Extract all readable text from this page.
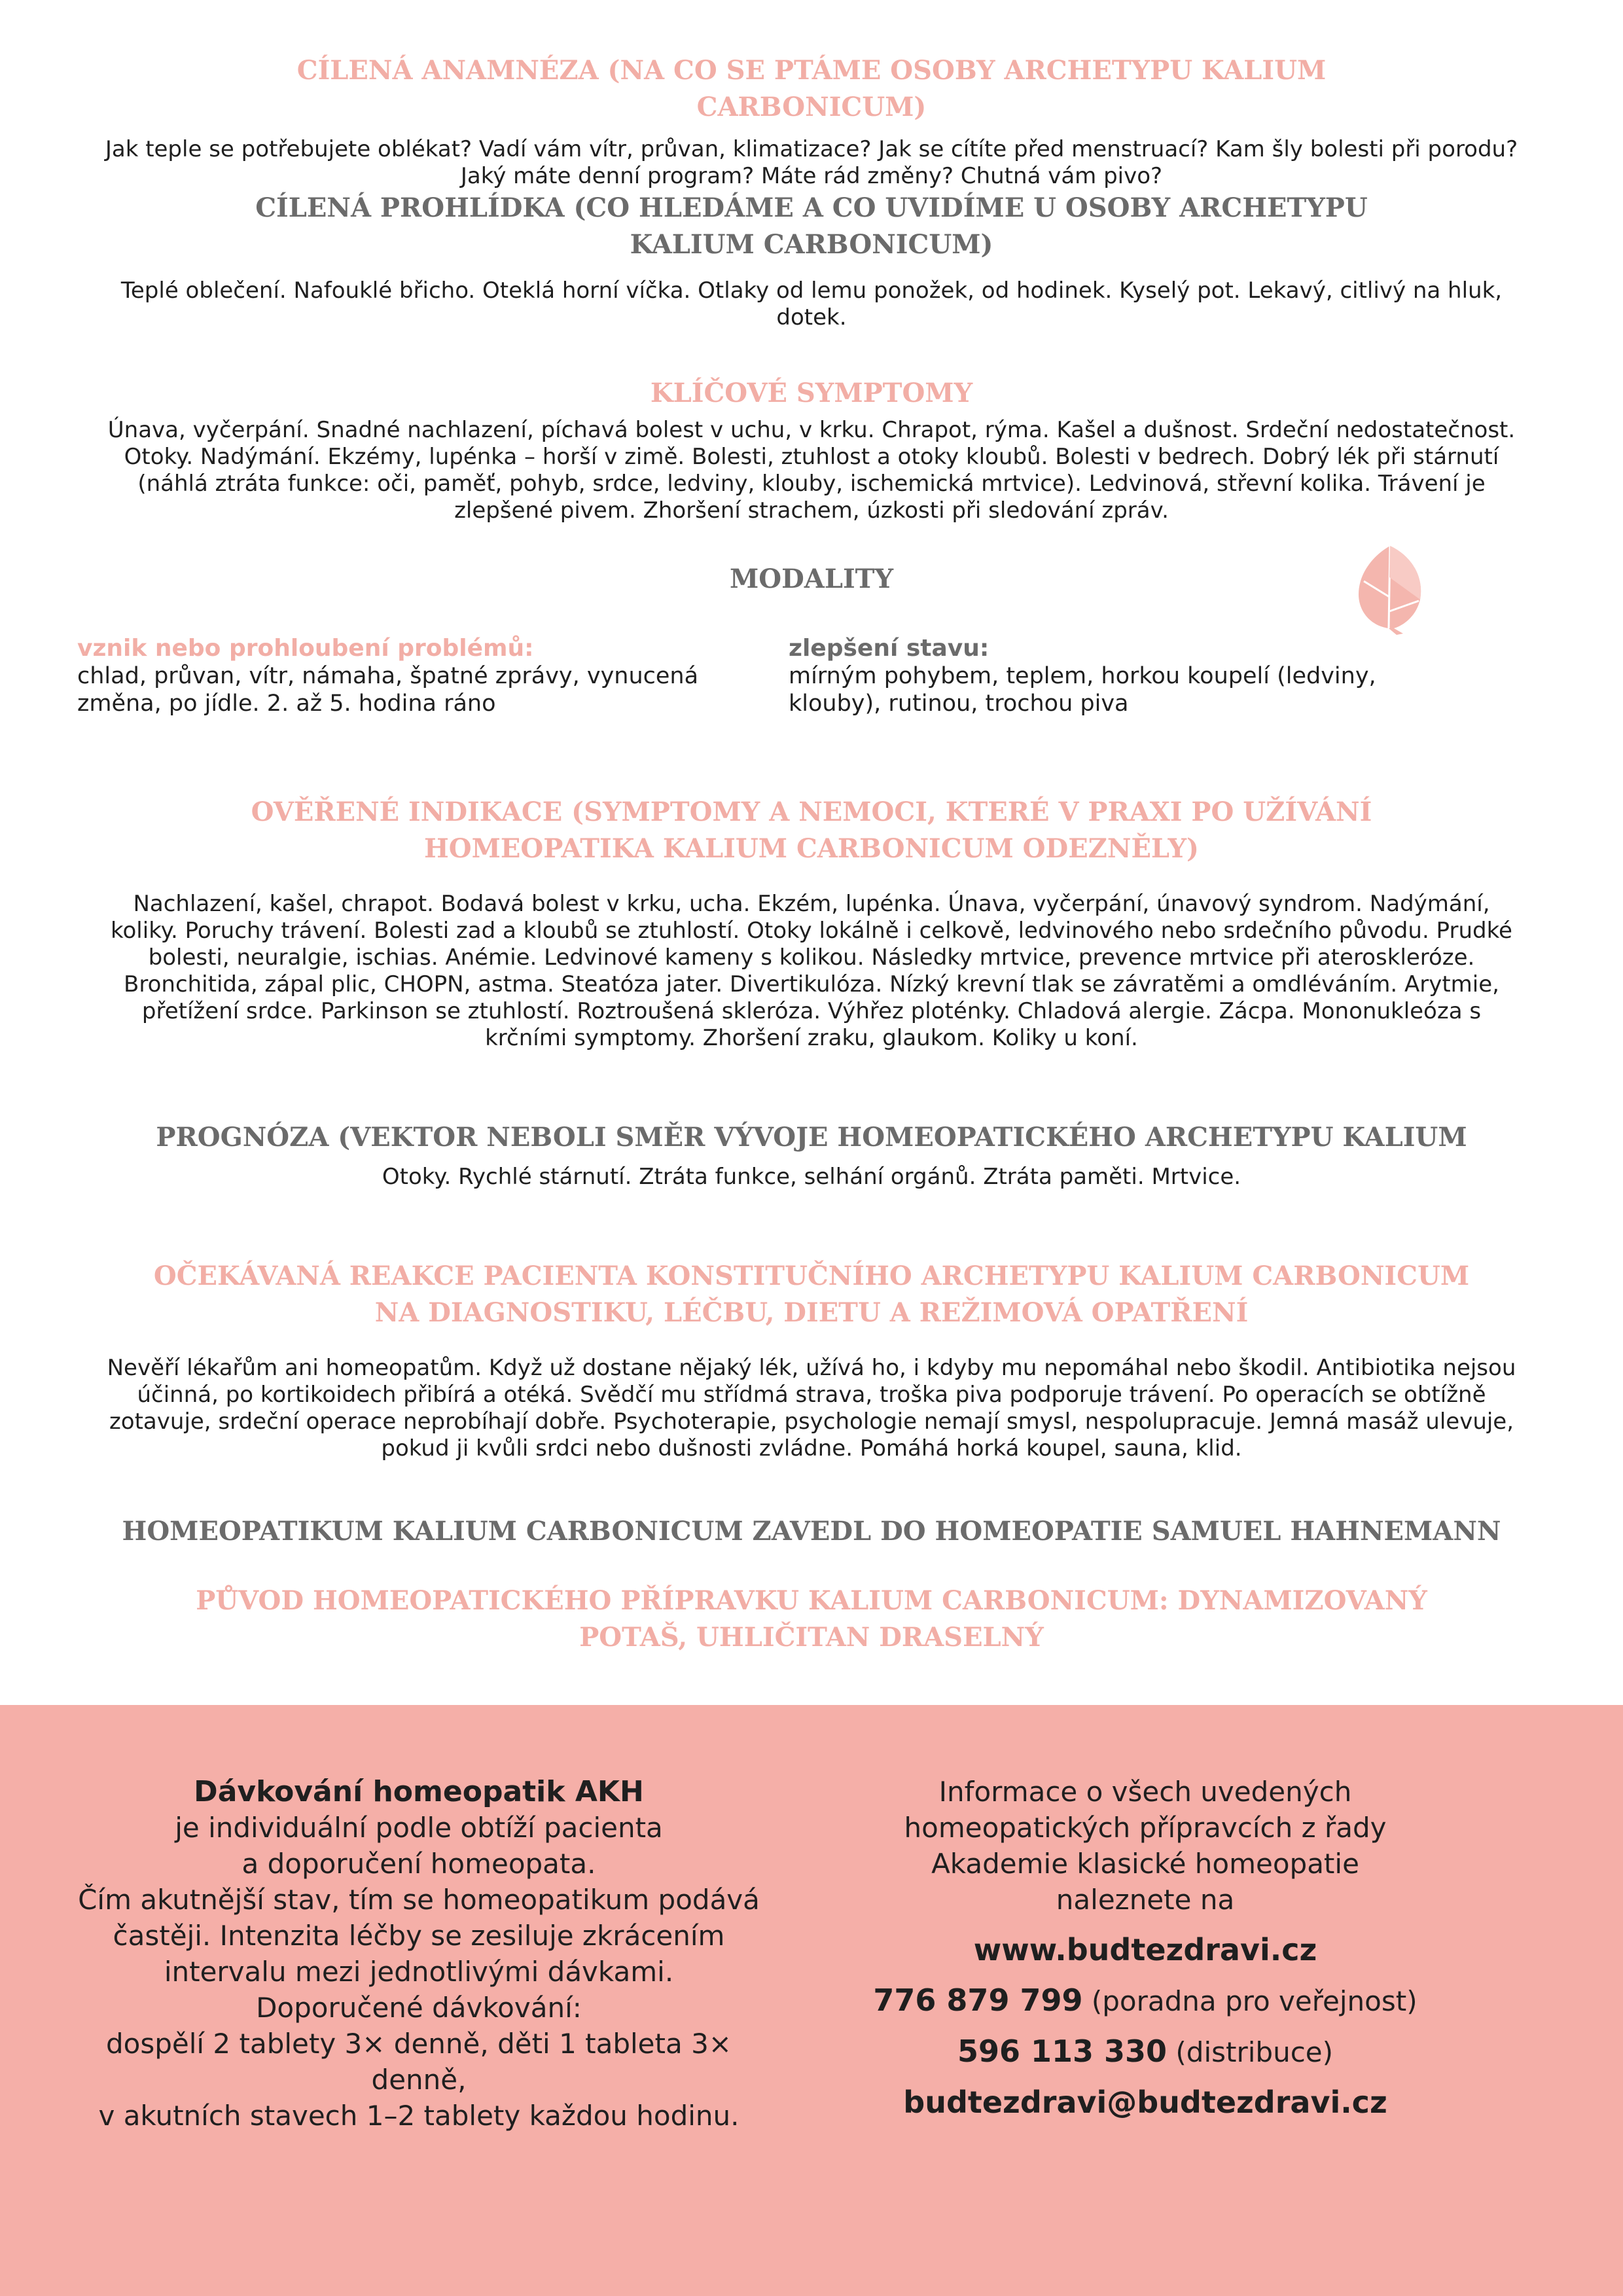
CÍLENÁ ANAMNÉZA (NA CO SE PTÁME OSOBY ARCHETYPU KALIUM CARBONICUM)

Jak teple se potřebujete oblékat? Vadí vám vítr, průvan, klimatizace? Jak se cítíte před menstruací? Kam šly bolesti při porodu? Jaký máte denní program? Máte rád změny? Chutná vám pivo?

CÍLENÁ PROHLÍDKA (CO HLEDÁME A CO UVIDÍME U OSOBY ARCHETYPU KALIUM CARBONICUM)

Teplé oblečení. Nafouklé břicho. Oteklá horní víčka. Otlaky od lemu ponožek, od hodinek. Kyselý pot. Lekavý, citlivý na hluk, dotek.

KLÍČOVÉ SYMPTOMY

Únava, vyčerpání. Snadné nachlazení, píchavá bolest v uchu, v krku. Chrapot, rýma. Kašel a dušnost. Srdeční nedostatečnost. Otoky. Nadýmání. Ekzémy, lupénka – horší v zimě. Bolesti, ztuhlost a otoky kloubů. Bolesti v bedrech. Dobrý lék při stárnutí (náhlá ztráta funkce: oči, paměť, pohyb, srdce, ledviny, klouby, ischemická mrtvice). Ledvinová, střevní kolika. Trávení je zlepšené pivem. Zhoršení strachem, úzkosti při sledování zpráv.

MODALITY
vznik nebo prohloubení problémů:
chlad, průvan, vítr, námaha, špatné zprávy, vynucená změna, po jídle. 2. až 5. hodina ráno
zlepšení stavu:
mírným pohybem, teplem, horkou koupelí (ledviny, klouby), rutinou, trochou piva
OVĚŘENÉ INDIKACE (SYMPTOMY A NEMOCI, KTERÉ V PRAXI PO UŽÍVÁNÍ HOMEOPATIKA KALIUM CARBONICUM ODEZNĚLY)

Nachlazení, kašel, chrapot. Bodavá bolest v krku, ucha. Ekzém, lupénka. Únava, vyčerpání, únavový syndrom. Nadýmání, koliky. Poruchy trávení. Bolesti zad a kloubů se ztuhlostí. Otoky lokálně i celkově, ledvinového nebo srdečního původu. Prudké bolesti, neuralgie, ischias. Anémie. Ledvinové kameny s kolikou. Následky mrtvice, prevence mrtvice při ateroskleróze. Bronchitida, zápal plic, CHOPN, astma. Steatóza jater. Divertikulóza. Nízký krevní tlak se závratěmi a omdléváním. Arytmie, přetížení srdce. Parkinson se ztuhlostí. Roztroušená skleróza. Výhřez ploténky. Chladová alergie. Zácpa. Mononukleóza s krčními symptomy. Zhoršení zraku, glaukom. Koliky u koní.

PROGNÓZA (VEKTOR NEBOLI SMĚR VÝVOJE HOMEOPATICKÉHO ARCHETYPU KALIUM

Otoky. Rychlé stárnutí. Ztráta funkce, selhání orgánů. Ztráta paměti. Mrtvice.

OČEKÁVANÁ REAKCE PACIENTA KONSTITUČNÍHO ARCHETYPU KALIUM CARBONICUM NA DIAGNOSTIKU, LÉČBU, DIETU A REŽIMOVÁ OPATŘENÍ

Nevěří lékařům ani homeopatům. Když už dostane nějaký lék, užívá ho, i kdyby mu nepomáhal nebo škodil. Antibiotika nejsou účinná, po kortikoidech přibírá a otéká. Svědčí mu střídmá strava, troška piva podporuje trávení. Po operacích se obtížně zotavuje, srdeční operace neprobíhají dobře. Psychoterapie, psychologie nemají smysl, nespolupracuje. Jemná masáž ulevuje, pokud ji kvůli srdci nebo dušnosti zvládne. Pomáhá horká koupel, sauna, klid.

HOMEOPATIKUM KALIUM CARBONICUM ZAVEDL DO HOMEOPATIE SAMUEL HAHNEMANN
PŮVOD HOMEOPATICKÉHO PŘÍPRAVKU KALIUM CARBONICUM: DYNAMIZOVANÝ POTAŠ, UHLIČITAN DRASELNÝ
Dávkování homeopatik AKH
je individuální podle obtíží pacienta
a doporučení homeopata.
Čím akutnější stav, tím se homeopatikum podává častěji. Intenzita léčby se zesiluje zkrácením intervalu mezi jednotlivými dávkami.
Doporučené dávkování:
dospělí 2 tablety 3× denně, děti 1 tableta 3× denně,
v akutních stavech 1–2 tablety každou hodinu.
Informace o všech uvedených homeopatických přípravcích z řady
Akademie klasické homeopatie
naleznete na
www.budtezdravi.cz
776 879 799 (poradna pro veřejnost)
596 113 330 (distribuce)
budtezdravi@budtezdravi.cz
